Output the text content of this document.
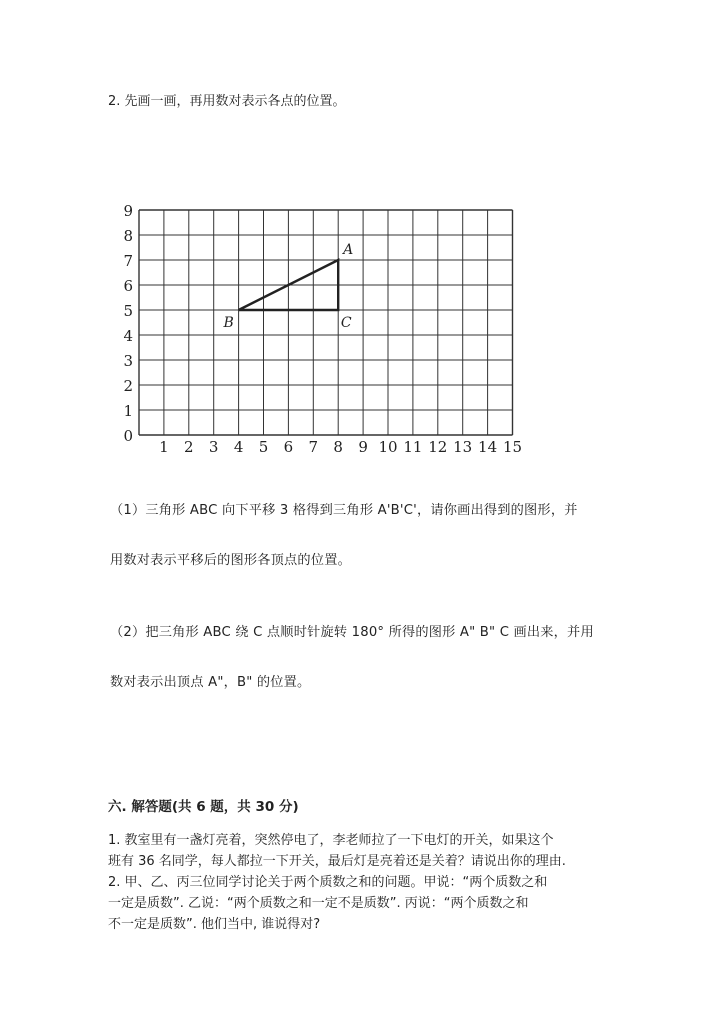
2. 先画一画，再用数对表示各点的位置。
1 2 3 4 5 6 7 8 9 10 11 12 13 14 15
0
1
2
3
4
5
6
7
8
9
A
B	C
（1）三角形 ABC 向下平移 3 格得到三角形 A'B'C'，请你画出得到的图形，并
用数对表示平移后的图形各顶点的位置。
（2）把三角形 ABC 绕 C 点顺时针旋转 180° 所得的图形 A" B" C 画出来，并用
数对表示出顶点 A"，B" 的位置。
六. 解答题(共 6 题，共 30 分)
1. 教室里有一盏灯亮着，突然停电了，李老师拉了一下电灯的开关，如果这个
班有 36 名同学，每人都拉一下开关，最后灯是亮着还是关着？请说出你的理由.
2. 甲、乙、丙三位同学讨论关于两个质数之和的问题。甲说：“两个质数之和
一定是质数”. 乙说：“两个质数之和一定不是质数”. 丙说：“两个质数之和
不一定是质数”. 他们当中, 谁说得对?
